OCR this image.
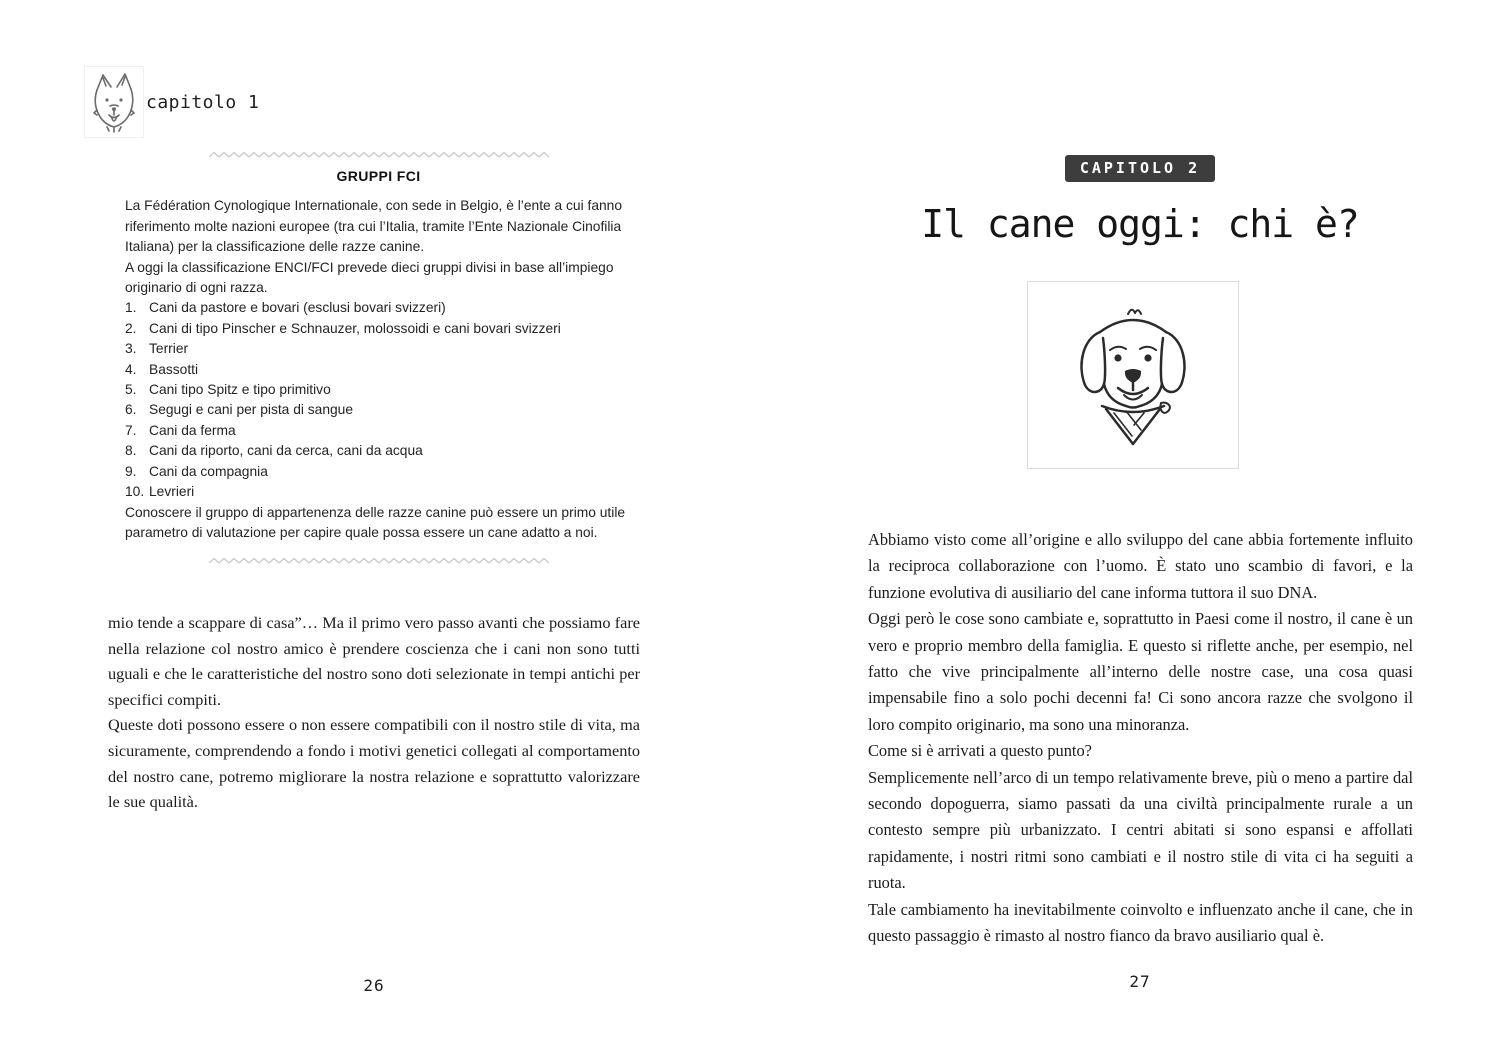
capitolo 1
GRUPPI FCI

La Fédération Cynologique Internationale, con sede in Belgio, è l’ente a cui fanno riferimento molte nazioni europee (tra cui l’Italia, tramite l’Ente Nazionale Cinofilia Italiana) per la classificazione delle razze canine.

A oggi la classificazione ENCI/FCI prevede dieci gruppi divisi in base all’impiego originario di ogni razza.

1. Cani da pastore e bovari (esclusi bovari svizzeri)
2. Cani di tipo Pinscher e Schnauzer, molossoidi e cani bovari svizzeri
3. Terrier
4. Bassotti
5. Cani tipo Spitz e tipo primitivo
6. Segugi e cani per pista di sangue
7. Cani da ferma
8. Cani da riporto, cani da cerca, cani da acqua
9. Cani da compagnia
10. Levrieri

Conoscere il gruppo di appartenenza delle razze canine può essere un primo utile parametro di valutazione per capire quale possa essere un cane adatto a noi.

mio tende a scappare di casa”… Ma il primo vero passo avanti che possiamo fare nella relazione col nostro amico è prendere coscienza che i cani non sono tutti uguali e che le caratteristiche del nostro sono doti selezionate in tempi antichi per specifici compiti.

Queste doti possono essere o non essere compatibili con il nostro stile di vita, ma sicuramente, comprendendo a fondo i motivi genetici collegati al comportamento del nostro cane, potremo migliorare la nostra relazione e soprattutto valorizzare le sue qualità.

26
CAPITOLO 2
Il cane oggi: chi è?

Abbiamo visto come all’origine e allo sviluppo del cane abbia fortemente influito la reciproca collaborazione con l’uomo. È stato uno scambio di favori, e la funzione evolutiva di ausiliario del cane informa tuttora il suo DNA.

Oggi però le cose sono cambiate e, soprattutto in Paesi come il nostro, il cane è un vero e proprio membro della famiglia. E questo si riflette anche, per esempio, nel fatto che vive principalmente all’interno delle nostre case, una cosa quasi impensabile fino a solo pochi decenni fa! Ci sono ancora razze che svolgono il loro compito originario, ma sono una minoranza.

Come si è arrivati a questo punto?

Semplicemente nell’arco di un tempo relativamente breve, più o meno a partire dal secondo dopoguerra, siamo passati da una civiltà principalmente rurale a un contesto sempre più urbanizzato. I centri abitati si sono espansi e affollati rapidamente, i nostri ritmi sono cambiati e il nostro stile di vita ci ha seguiti a ruota.

Tale cambiamento ha inevitabilmente coinvolto e influenzato anche il cane, che in questo passaggio è rimasto al nostro fianco da bravo ausiliario qual è.

27
